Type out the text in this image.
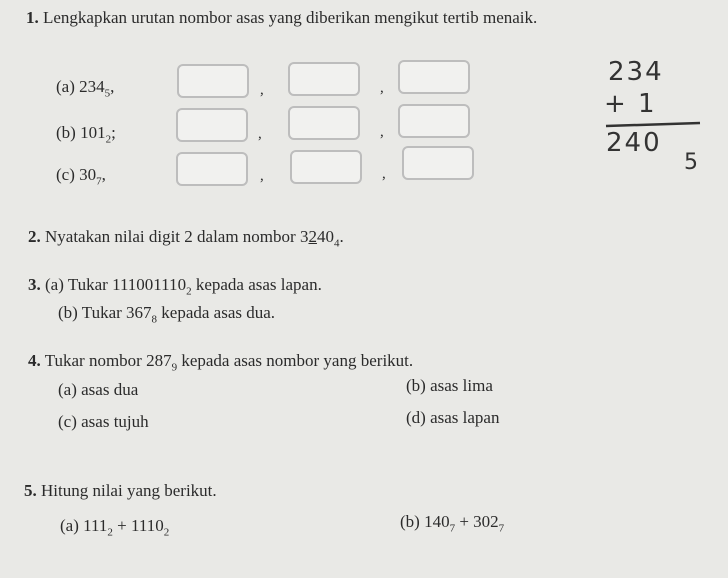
1. Lengkapkan urutan nombor asas yang diberikan mengikut tertib menaik.
(a) $234_5$,	,	,
(b) $101_2$;	,	,
(c) $30_7$,	,	,
234
+ 1
240
5
2. Nyatakan nilai digit 2 dalam nombor $3240_4$.
3. (a) Tukar $111001110_2$ kepada asas lapan.
(b) Tukar $367_8$ kepada asas dua.
4. Tukar nombor $287_9$ kepada asas nombor yang berikut.
(a) asas dua	(b) asas lima
(c) asas tujuh	(d) asas lapan
5. Hitung nilai yang berikut.
(a) $111_2 + 1110_2$
(b) $140_7 + 302_7$
